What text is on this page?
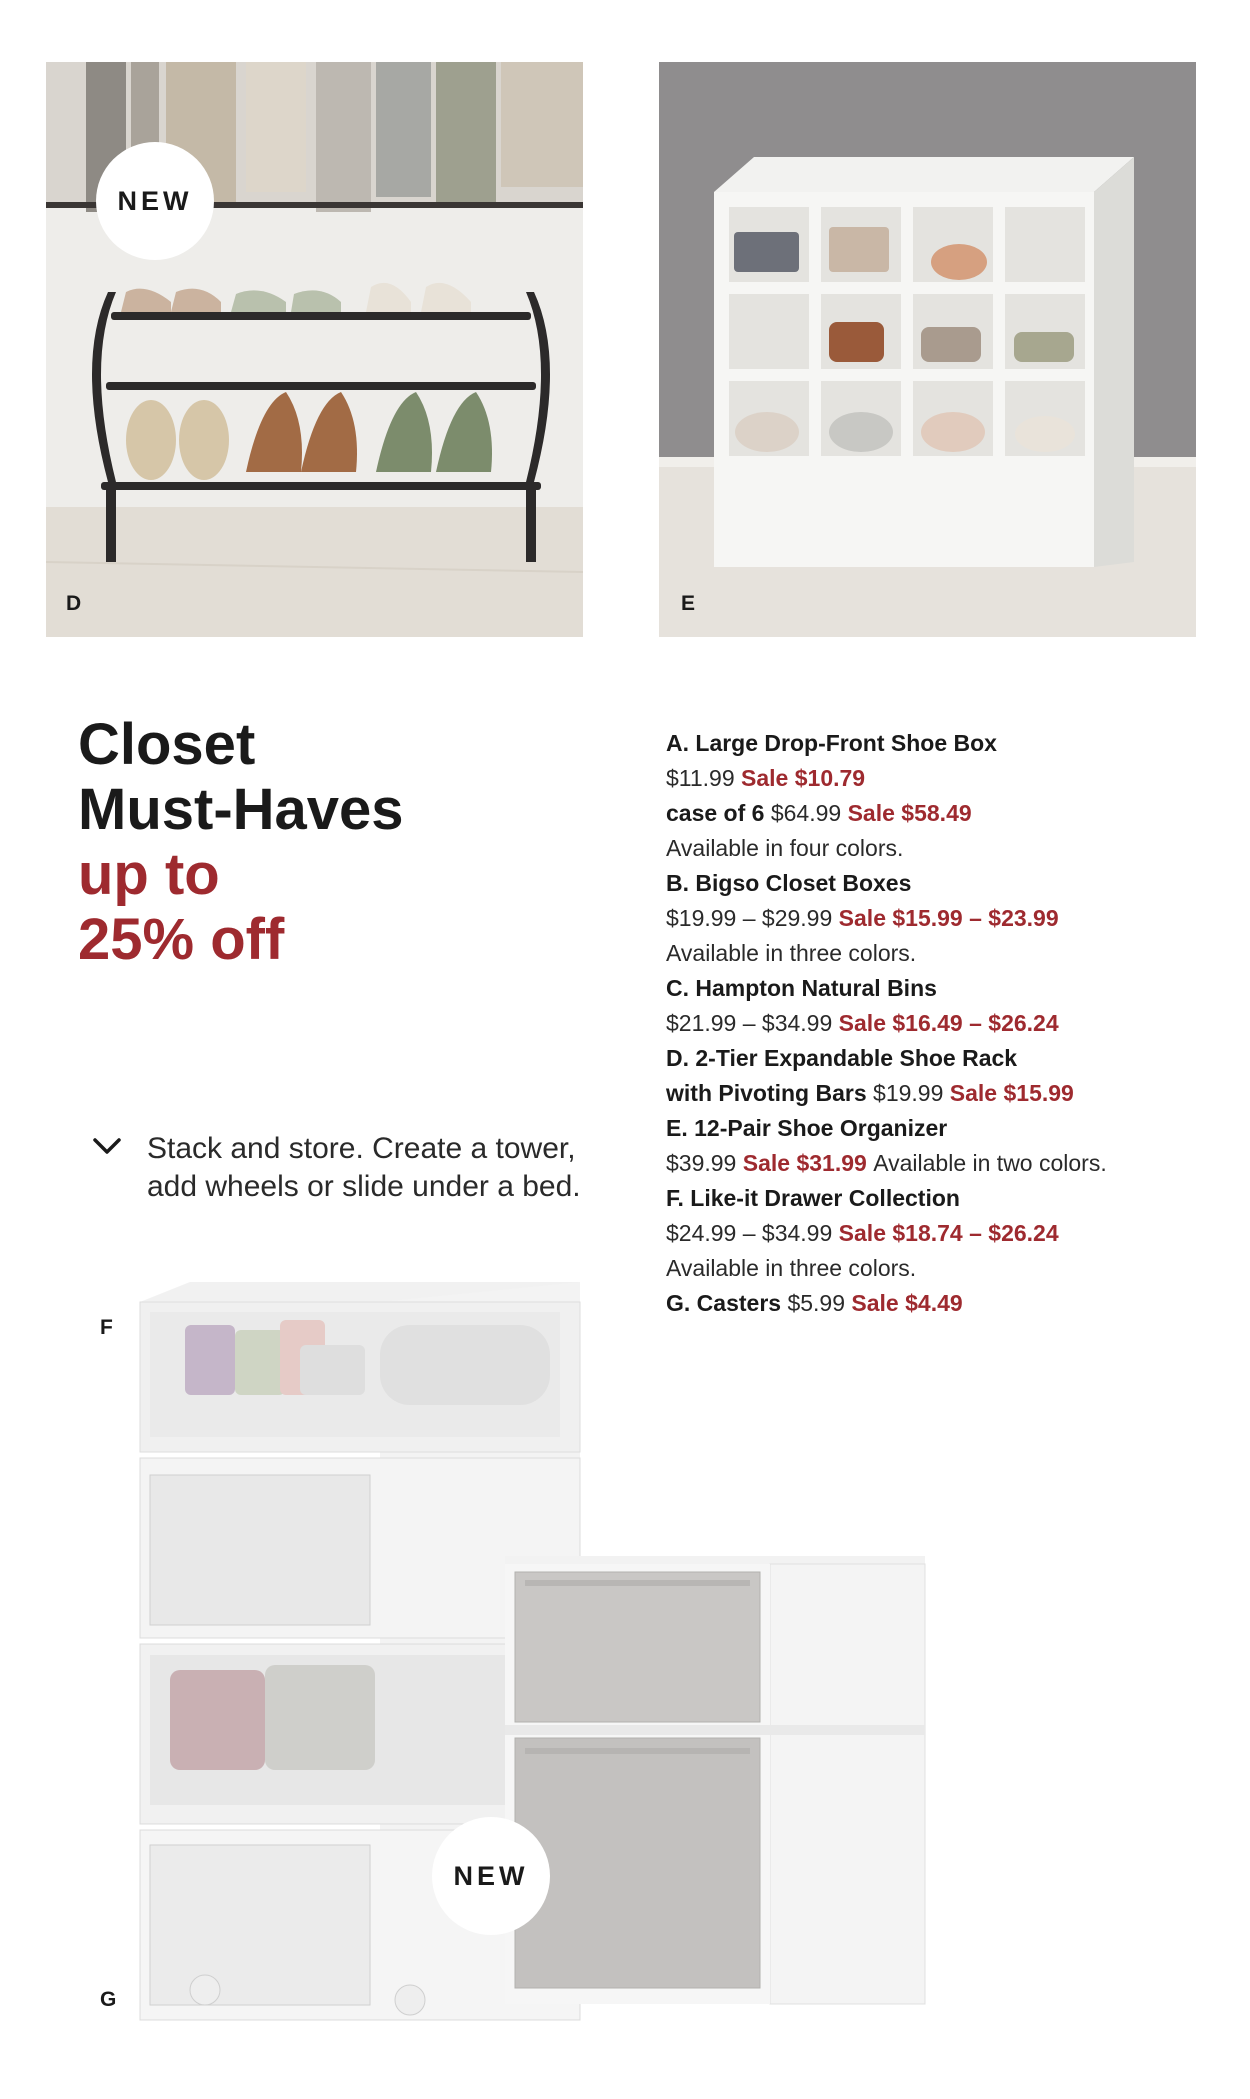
NEW
D	E
Closet
Must-Haves
up to
25% off
A. Large Drop-Front Shoe Box
$11.99 Sale $10.79
case of 6 $64.99 Sale $58.49
Available in four colors.
B. Bigso Closet Boxes
$19.99 – $29.99 Sale $15.99 – $23.99
Available in three colors.
C. Hampton Natural Bins
$21.99 – $34.99 Sale $16.49 – $26.24
D. 2-Tier Expandable Shoe Rack
with Pivoting Bars $19.99 Sale $15.99
E. 12-Pair Shoe Organizer
$39.99 Sale $31.99 Available in two colors.
F. Like-it Drawer Collection
$24.99 – $34.99 Sale $18.74 – $26.24
Available in three colors.
G. Casters $5.99 Sale $4.49
Stack and store. Create a tower, add wheels or slide under a bed.
F
G
NEW
